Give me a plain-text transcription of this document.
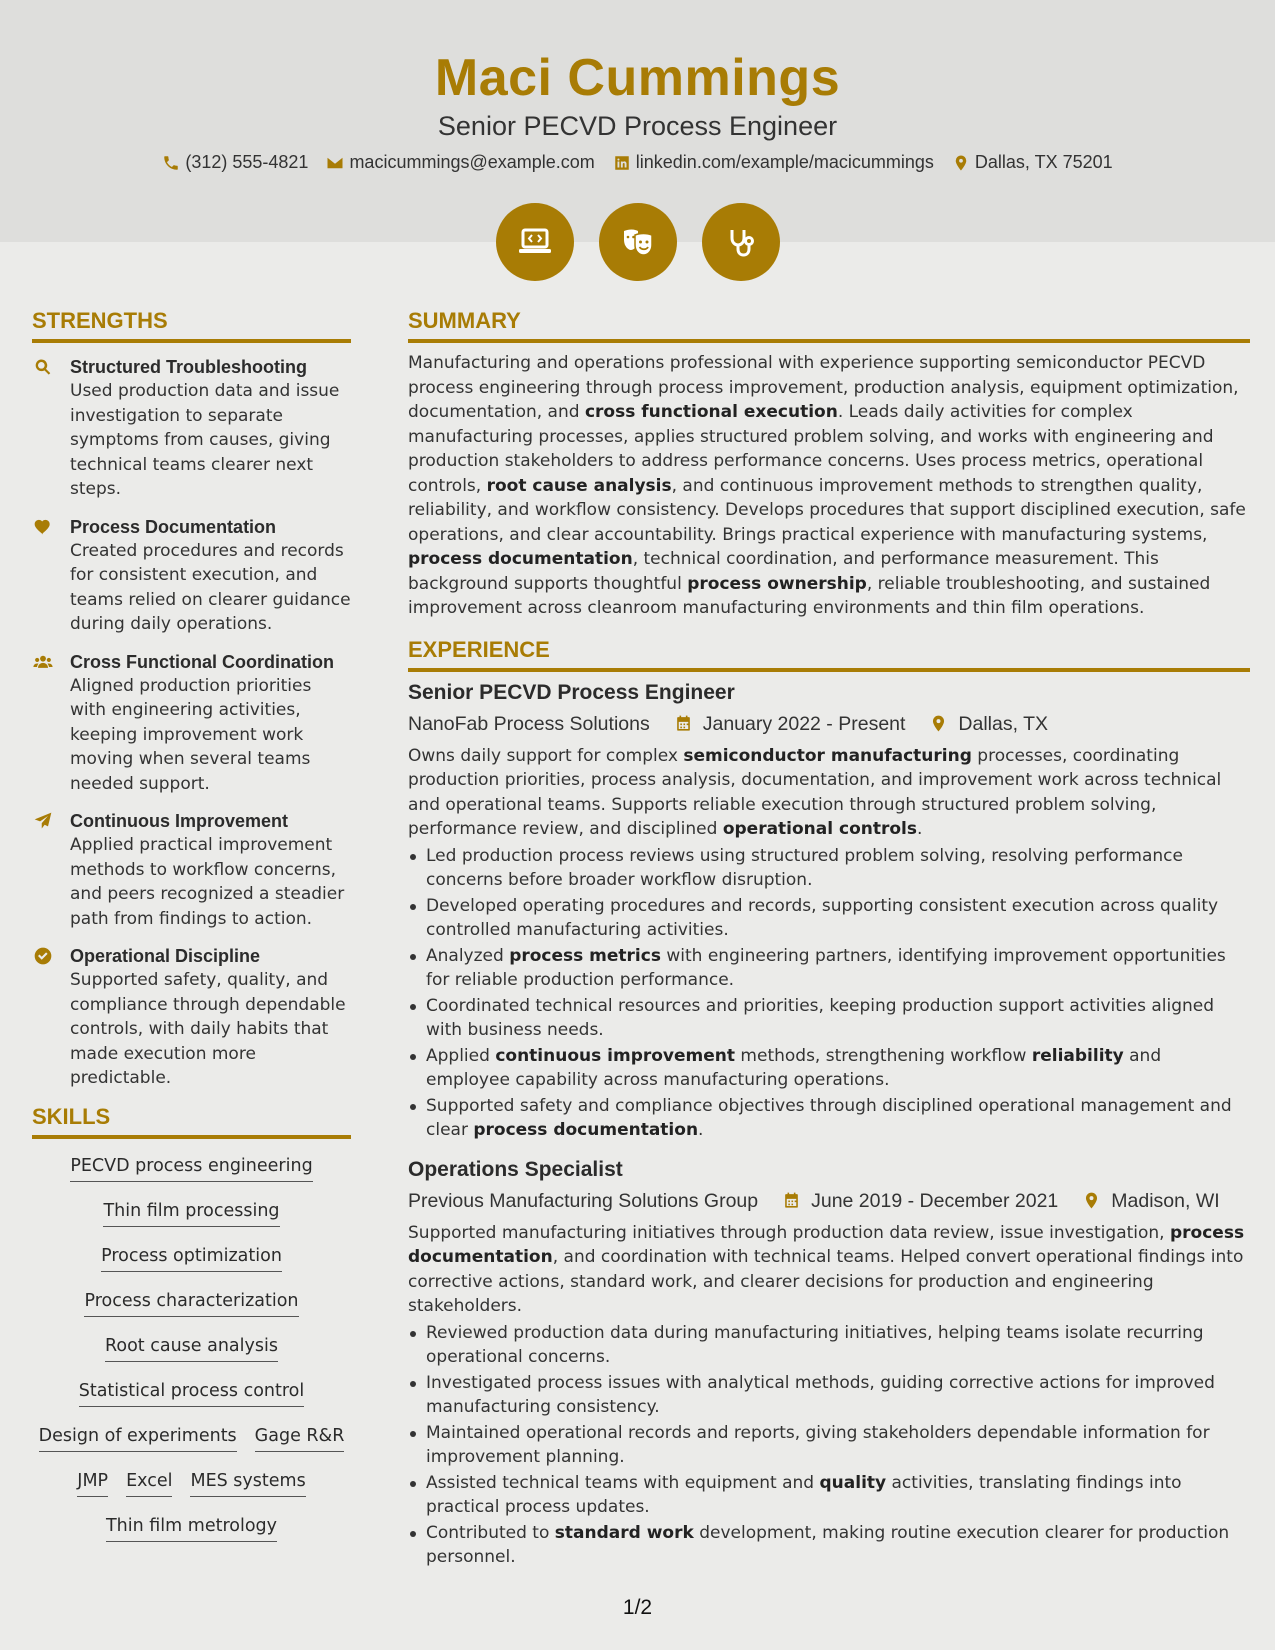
Maci Cummings
Senior PECVD Process Engineer
(312) 555-4821 macicummings@example.com linkedin.com/example/macicummings Dallas, TX 75201
STRENGTHS
Structured Troubleshooting
Used production data and issue investigation to separate symptoms from causes, giving technical teams clearer next steps.
Process Documentation
Created procedures and records for consistent execution, and teams relied on clearer guidance during daily operations.
Cross Functional Coordination
Aligned production priorities with engineering activities, keeping improvement work moving when several teams needed support.
Continuous Improvement
Applied practical improvement methods to workflow concerns, and peers recognized a steadier path from findings to action.
Operational Discipline
Supported safety, quality, and compliance through dependable controls, with daily habits that made execution more predictable.
SKILLS
PECVD process engineering
Thin film processing
Process optimization
Process characterization
Root cause analysis
Statistical process control
Design of experiments Gage R&R
JMP Excel MES systems
Thin film metrology
SUMMARY
Manufacturing and operations professional with experience supporting semiconductor PECVD process engineering through process improvement, production analysis, equipment optimization, documentation, and cross functional execution. Leads daily activities for complex manufacturing processes, applies structured problem solving, and works with engineering and production stakeholders to address performance concerns. Uses process metrics, operational controls, root cause analysis, and continuous improvement methods to strengthen quality, reliability, and workflow consistency. Develops procedures that support disciplined execution, safe operations, and clear accountability. Brings practical experience with manufacturing systems, process documentation, technical coordination, and performance measurement. This background supports thoughtful process ownership, reliable troubleshooting, and sustained improvement across cleanroom manufacturing environments and thin film operations.
EXPERIENCE
Senior PECVD Process Engineer
NanoFab Process Solutions	January 2022 - Present	Dallas, TX
Owns daily support for complex semiconductor manufacturing processes, coordinating production priorities, process analysis, documentation, and improvement work across technical and operational teams. Supports reliable execution through structured problem solving, performance review, and disciplined operational controls.
Led production process reviews using structured problem solving, resolving performance concerns before broader workflow disruption.
Developed operating procedures and records, supporting consistent execution across quality controlled manufacturing activities.
Analyzed process metrics with engineering partners, identifying improvement opportunities for reliable production performance.
Coordinated technical resources and priorities, keeping production support activities aligned with business needs.
Applied continuous improvement methods, strengthening workflow reliability and employee capability across manufacturing operations.
Supported safety and compliance objectives through disciplined operational management and clear process documentation.
Operations Specialist
Previous Manufacturing Solutions Group	June 2019 - December 2021	Madison, WI
Supported manufacturing initiatives through production data review, issue investigation, process documentation, and coordination with technical teams. Helped convert operational findings into corrective actions, standard work, and clearer decisions for production and engineering stakeholders.
Reviewed production data during manufacturing initiatives, helping teams isolate recurring operational concerns.
Investigated process issues with analytical methods, guiding corrective actions for improved manufacturing consistency.
Maintained operational records and reports, giving stakeholders dependable information for improvement planning.
Assisted technical teams with equipment and quality activities, translating findings into practical process updates.
Contributed to standard work development, making routine execution clearer for production personnel.
1/2
